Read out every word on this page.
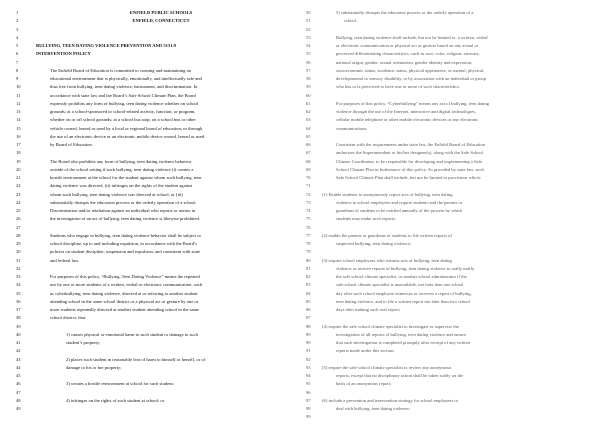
1	ENFIELD PUBLIC SCHOOLS
2	ENFIELD, CONNECTICUT
3
4
5	BULLYING, TEEN DATING VIOLENCE PREVENTION AND 5131.9
6	INTERVENTION POLICY
7
8	The Enfield Board of Education is committed to creating and maintaining an
9	educational environment that is physically, emotionally, and intellectually safe and
10	thus free from bullying, teen dating violence, harassment, and discrimination. In
11	accordance with state law and the Board’s Safe School Climate Plan, the Board
12	expressly prohibits any form of bullying, teen dating violence whether on school
13	grounds; at a school-sponsored or school-related activity, function, or program,
14	whether on or off school grounds; at a school bus stop; on a school bus or other
15	vehicle owned, leased or used by a local or regional board of education; or through
16	the use of an electronic device or an electronic mobile device owned, leased or used
17	by Board of Education.
18
19	The Board also prohibits any form of bullying, teen dating violence behavior
20	outside of the school setting if such bullying, teen dating violence (i) creates a
21	hostile environment at the school for the student against whom such bullying, teen
22	dating violence was directed, (ii) infringes on the rights of the student against
23	whom such bullying, teen dating violence was directed at school, or (iii)
24	substantially disrupts the education process or the orderly operation of a school.
25	Discrimination and/or retaliation against an individual who reports or assists in
26	the investigation of an act of bullying, teen dating violence is likewise prohibited.
27
28	Students who engage in bullying, teen dating violence behavior shall be subject to
29	school discipline, up to and including expulsion, in accordance with the Board’s
30	policies on student discipline, suspension and expulsion, and consistent with state
31	and federal law.
32
33	For purposes of this policy, “Bullying, Teen Dating Violence” means the repeated
34	use by one or more students of a written, verbal or electronic communication, such
35	as cyberbullying, teen dating violence, directed at or referring to another student
36	attending school in the same school district or a physical act or gesture by one or
37	more students repeatedly directed at another student attending school in the same
38	school district, that:
39
40	1) causes physical or emotional harm to such student or damage to such
41	student’s property;
42
43	2) places such student in reasonable fear of harm to himself or herself, or of
44	damage to his or her property;
45
46	3) creates a hostile environment at school for such student;
47
48	4) infringes on the rights of such student at school; or
49
50	5) substantially disrupts the education process or the orderly operation of a
51	school.
52
53	Bullying, teen dating violence shall include, but not be limited to, a written, verbal
54	or electronic communication or physical act or gesture based on any actual or
55	perceived differentiating characteristics, such as race, color, religion, ancestry,
56	national origin, gender, sexual orientation, gender identity and expression,
57	socioeconomic status, academic status, physical appearance, or mental, physical,
58	developmental or sensory disability, or by association with an individual or group
59	who has or is perceived to have one or more of such characteristics.
60
61	For purposes of this policy, “Cyberbullying” means any act of bullying, teen dating
62	violence through the use of the Internet, interactive and digital technologies,
63	cellular mobile telephone or other mobile electronic devices or any electronic
64	communications.
65
66	Consistent with the requirements under state law, the Enfield Board of Education
67	authorizes the Superintendent or his/her designee(s), along with the Safe School
68	Climate Coordinator, to be responsible for developing and implementing a Safe
69	School Climate Plan in furtherance of this policy. As provided by state law, such
70	Safe School Climate Plan shall include, but not be limited to provisions which:
71
72	(1) Enable students to anonymously report acts of bullying, teen dating
73	violence to school employees and require students and the parents or
74	guardians of students to be notified annually of the process by which
75	students may make such reports;
76
77	(2) enable the parents or guardians of students to file written reports of
78	suspected bullying, teen dating violence;
79
80	(3) require school employees who witness acts of bullying, teen dating
81	violence or receive reports of bullying, teen dating violence to orally notify
82	the safe school climate specialist, or another school administrator if the
83	safe school climate specialist is unavailable, not later than one school
84	day after such school employee witnesses or receives a report of bullying,
85	teen dating violence, and to file a written report not later than two school
86	days after making such oral report;
87
88	(4) require the safe school climate specialist to investigate or supervise the
89	investigation of all reports of bullying, teen dating violence and ensure
90	that such investigation is completed promptly after receipt of any written
91	reports made under this section;
92
93	(5) require the safe school climate specialist to review any anonymous
94	reports, except that no disciplinary action shall be taken solely on the
95	basis of an anonymous report;
96
97	(6) include a prevention and intervention strategy for school employees to
98	deal with bullying, teen dating violence;
99
